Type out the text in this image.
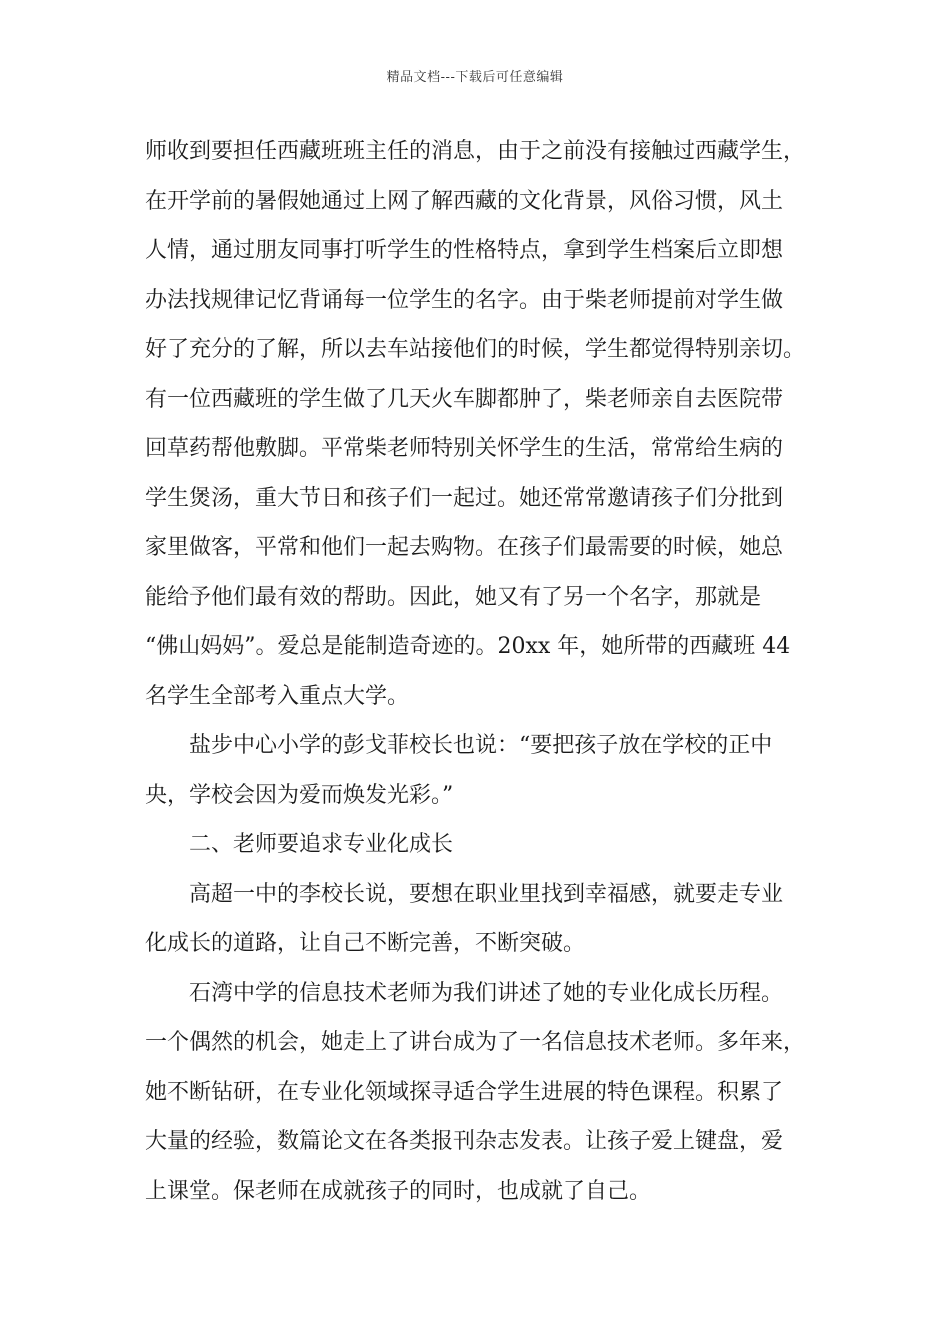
精品文档---下载后可任意编辑
师收到要担任西藏班班主任的消息，由于之前没有接触过西藏学生，
在开学前的暑假她通过上网了解西藏的文化背景，风俗习惯，风土
人情，通过朋友同事打听学生的性格特点，拿到学生档案后立即想
办法找规律记忆背诵每一位学生的名字。由于柴老师提前对学生做
好了充分的了解，所以去车站接他们的时候，学生都觉得特别亲切。
有一位西藏班的学生做了几天火车脚都肿了，柴老师亲自去医院带
回草药帮他敷脚。平常柴老师特别关怀学生的生活，常常给生病的
学生煲汤，重大节日和孩子们一起过。她还常常邀请孩子们分批到
家里做客，平常和他们一起去购物。在孩子们最需要的时候，她总
能给予他们最有效的帮助。因此，她又有了另一个名字，那就是
“佛山妈妈”。爱总是能制造奇迹的。20xx 年，她所带的西藏班 44
名学生全部考入重点大学。
盐步中心小学的彭戈菲校长也说：“要把孩子放在学校的正中
央，学校会因为爱而焕发光彩。”
二、老师要追求专业化成长
高超一中的李校长说，要想在职业里找到幸福感，就要走专业
化成长的道路，让自己不断完善，不断突破。
石湾中学的信息技术老师为我们讲述了她的专业化成长历程。
一个偶然的机会，她走上了讲台成为了一名信息技术老师。多年来，
她不断钻研，在专业化领域探寻适合学生进展的特色课程。积累了
大量的经验，数篇论文在各类报刊杂志发表。让孩子爱上键盘，爱
上课堂。保老师在成就孩子的同时，也成就了自己。
